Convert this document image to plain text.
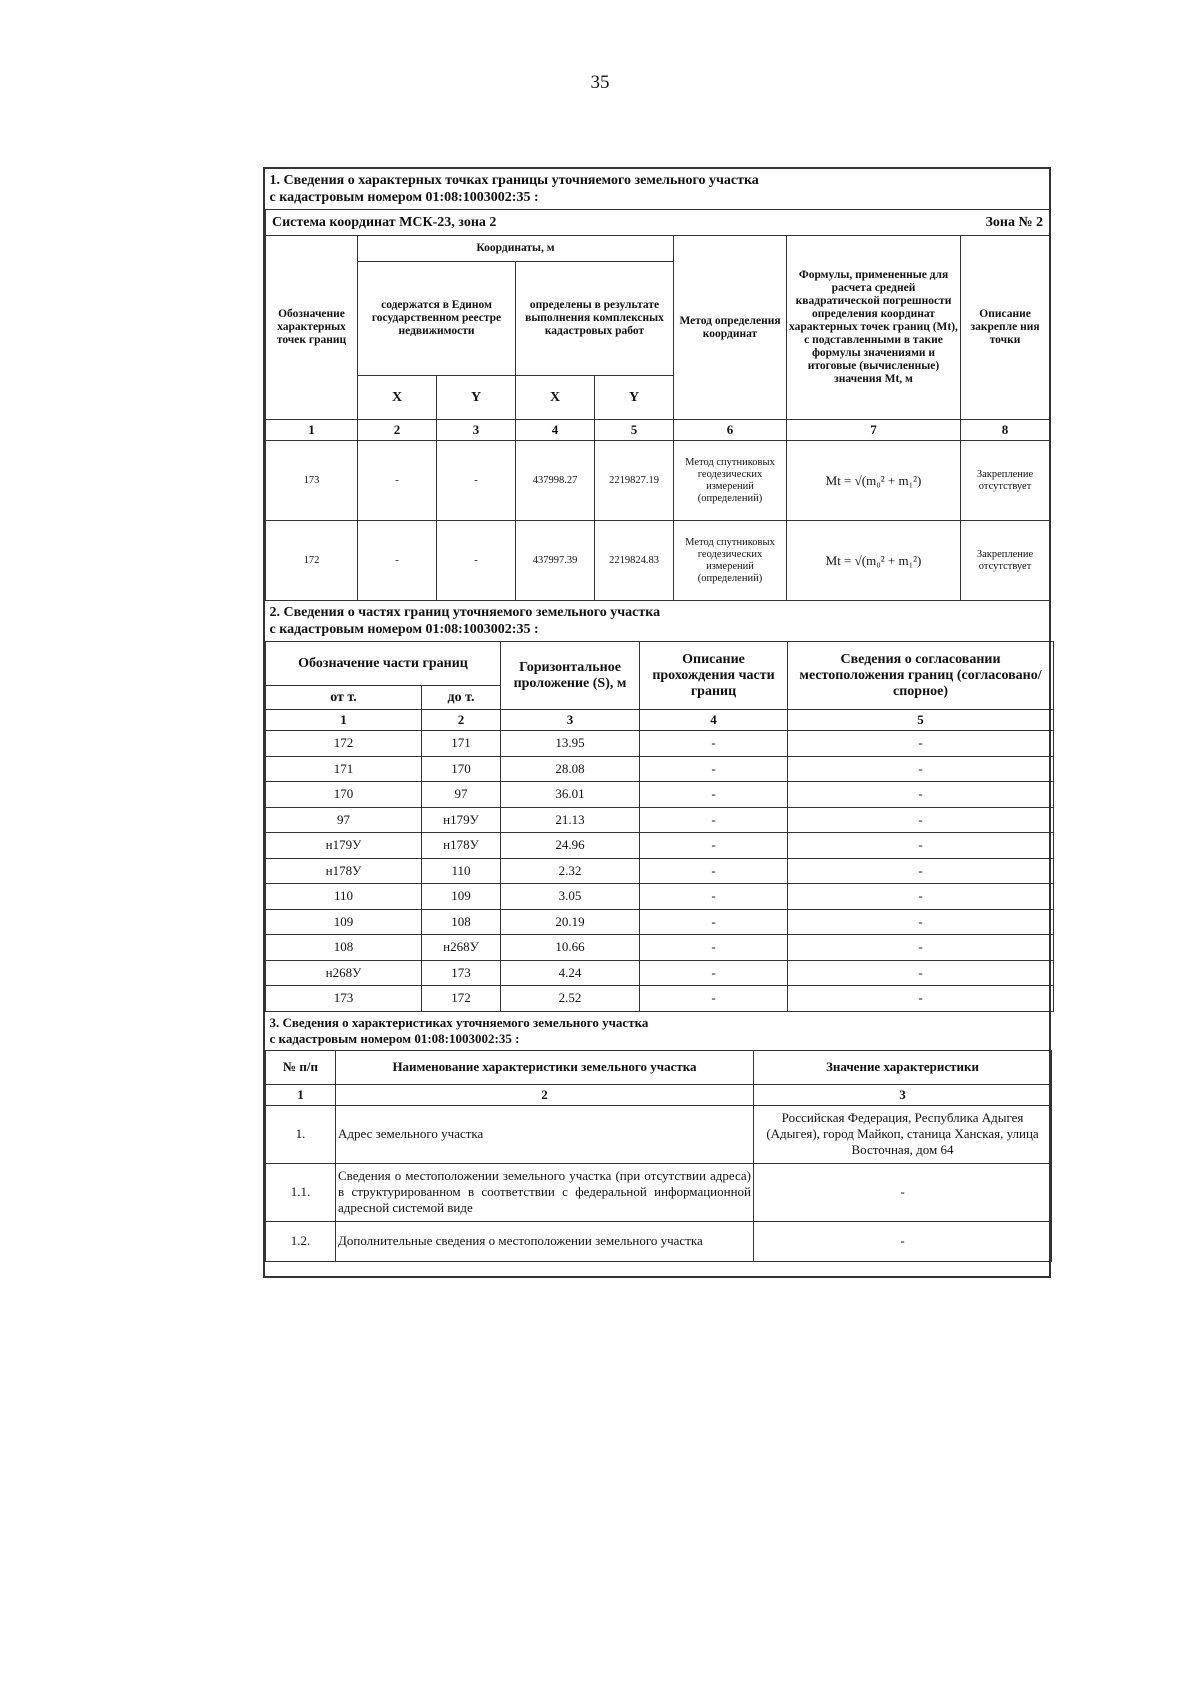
35
1. Сведения о характерных точках границы уточняемого земельного участка
с кадастровым номером 01:08:1003002:35 :							

Система координат МСК-23, зона 2 Зона № 2							

Обозначение характерных точек границ	Координаты, м				Метод определения координат	Формулы, примененные для расчета средней квадратической погрешности определения координат характерных точек границ (Mt), с подставленными в такие формулы значениями и итоговые (вычисленные) значения Mt, м	Описание закрепле ния точки
	содержатся в Едином государственном реестре недвижимости		определены в результате выполнения комплексных кадастровых работ				
	X	Y	X	Y			
1	2	3	4	5	6	7	8
173	-	-	437998.27	2219827.19	Метод спутниковых геодезических измерений (определений)	Mt = √(m₀² + m₁²)	Закрепление отсутствует
172	-	-	437997.39	2219824.83	Метод спутниковых геодезических измерений (определений)	Mt = √(m₀² + m₁²)	Закрепление отсутствует
2. Сведения о частях границ уточняемого земельного участка
с кадастровым номером 01:08:1003002:35 :				

Обозначение части границ		Горизонтальное проложение (S), м	Описание прохождения части границ	Сведения о согласовании местоположения границ (согласовано/спорное)
от т.	до т.			
1	2	3	4	5
172	171	13.95	-	-
171	170	28.08	-	-
170	97	36.01	-	-
97	н179У	21.13	-	-
н179У	н178У	24.96	-	-
н178У	110	2.32	-	-
110	109	3.05	-	-
109	108	20.19	-	-
108	н268У	10.66	-	-
н268У	173	4.24	-	-
173	172	2.52	-	-
3. Сведения о характеристиках уточняемого земельного участка
с кадастровым номером 01:08:1003002:35 :		

№ п/п	Наименование характеристики земельного участка	Значение характеристики
1	2	3
1.	Адрес земельного участка	Российская Федерация, Республика Адыгея (Адыгея), город Майкоп, станица Ханская, улица Восточная, дом 64
1.1.	Сведения о местоположении земельного участка (при отсутствии адреса) в структурированном в соответствии с федеральной информационной адресной системой виде	-
1.2.	Дополнительные сведения о местоположении земельного участка	-
